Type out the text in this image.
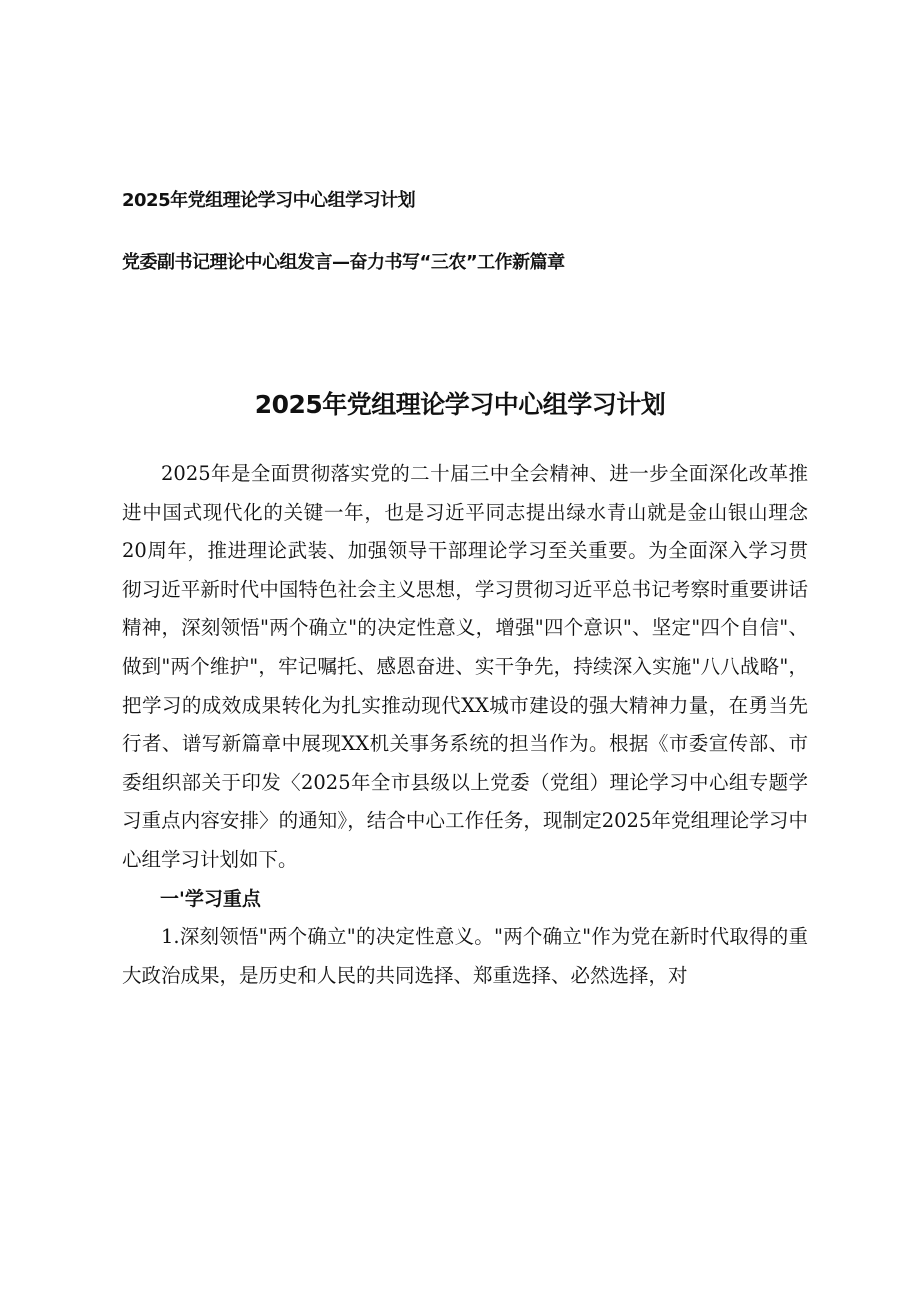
2025年党组理论学习中心组学习计划
党委副书记理论中心组发言—奋力书写“三农”工作新篇章
2025年党组理论学习中心组学习计划

2025年是全面贯彻落实党的二十届三中全会精神、进一步全面深化改革推进中国式现代化的关键一年，也是习近平同志提出绿水青山就是金山银山理念20周年，推进理论武装、加强领导干部理论学习至关重要。为全面深入学习贯彻习近平新时代中国特色社会主义思想，学习贯彻习近平总书记考察时重要讲话精神，深刻领悟"两个确立"的决定性意义，增强"四个意识"、坚定"四个自信"、做到"两个维护"，牢记嘱托、感恩奋进、实干争先，持续深入实施"八八战略"，把学习的成效成果转化为扎实推动现代XX城市建设的强大精神力量，在勇当先行者、谱写新篇章中展现XX机关事务系统的担当作为。根据《市委宣传部、市委组织部关于印发〈2025年全市县级以上党委（党组）理论学习中心组专题学习重点内容安排〉的通知》，结合中心工作任务，现制定2025年党组理论学习中心组学习计划如下。

一'学习重点

1.深刻领悟"两个确立"的决定性意义。"两个确立"作为党在新时代取得的重大政治成果，是历史和人民的共同选择、郑重选择、必然选择，对
